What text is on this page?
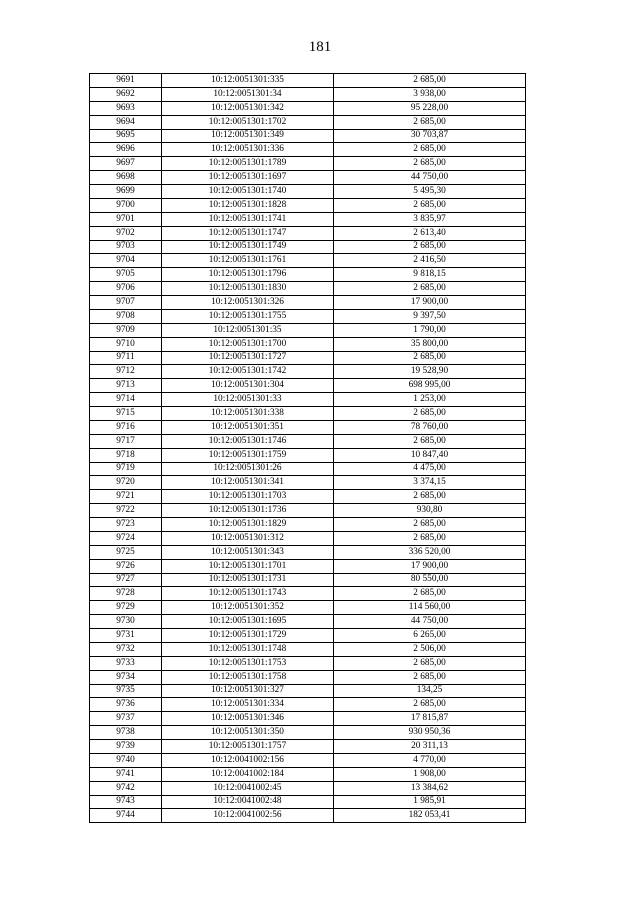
181
9691	10:12:0051301:335	2 685,00
9692	10:12:0051301:34	3 938,00
9693	10:12:0051301:342	95 228,00
9694	10:12:0051301:1702	2 685,00
9695	10:12:0051301:349	30 703,87
9696	10:12:0051301:336	2 685,00
9697	10:12:0051301:1789	2 685,00
9698	10:12:0051301:1697	44 750,00
9699	10:12:0051301:1740	5 495,30
9700	10:12:0051301:1828	2 685,00
9701	10:12:0051301:1741	3 835,97
9702	10:12:0051301:1747	2 613,40
9703	10:12:0051301:1749	2 685,00
9704	10:12:0051301:1761	2 416,50
9705	10:12:0051301:1796	9 818,15
9706	10:12:0051301:1830	2 685,00
9707	10:12:0051301:326	17 900,00
9708	10:12:0051301:1755	9 397,50
9709	10:12:0051301:35	1 790,00
9710	10:12:0051301:1700	35 800,00
9711	10:12:0051301:1727	2 685,00
9712	10:12:0051301:1742	19 528,90
9713	10:12:0051301:304	698 995,00
9714	10:12:0051301:33	1 253,00
9715	10:12:0051301:338	2 685,00
9716	10:12:0051301:351	78 760,00
9717	10:12:0051301:1746	2 685,00
9718	10:12:0051301:1759	10 847,40
9719	10:12:0051301:26	4 475,00
9720	10:12:0051301:341	3 374,15
9721	10:12:0051301:1703	2 685,00
9722	10:12:0051301:1736	930,80
9723	10:12:0051301:1829	2 685,00
9724	10:12:0051301:312	2 685,00
9725	10:12:0051301:343	336 520,00
9726	10:12:0051301:1701	17 900,00
9727	10:12:0051301:1731	80 550,00
9728	10:12:0051301:1743	2 685,00
9729	10:12:0051301:352	114 560,00
9730	10:12:0051301:1695	44 750,00
9731	10:12:0051301:1729	6 265,00
9732	10:12:0051301:1748	2 506,00
9733	10:12:0051301:1753	2 685,00
9734	10:12:0051301:1758	2 685,00
9735	10:12:0051301:327	134,25
9736	10:12:0051301:334	2 685,00
9737	10:12:0051301:346	17 815,87
9738	10:12:0051301:350	930 950,36
9739	10:12:0051301:1757	20 311,13
9740	10:12:0041002:156	4 770,00
9741	10:12:0041002:184	1 908,00
9742	10:12:0041002:45	13 384,62
9743	10:12:0041002:48	1 985,91
9744	10:12:0041002:56	182 053,41
